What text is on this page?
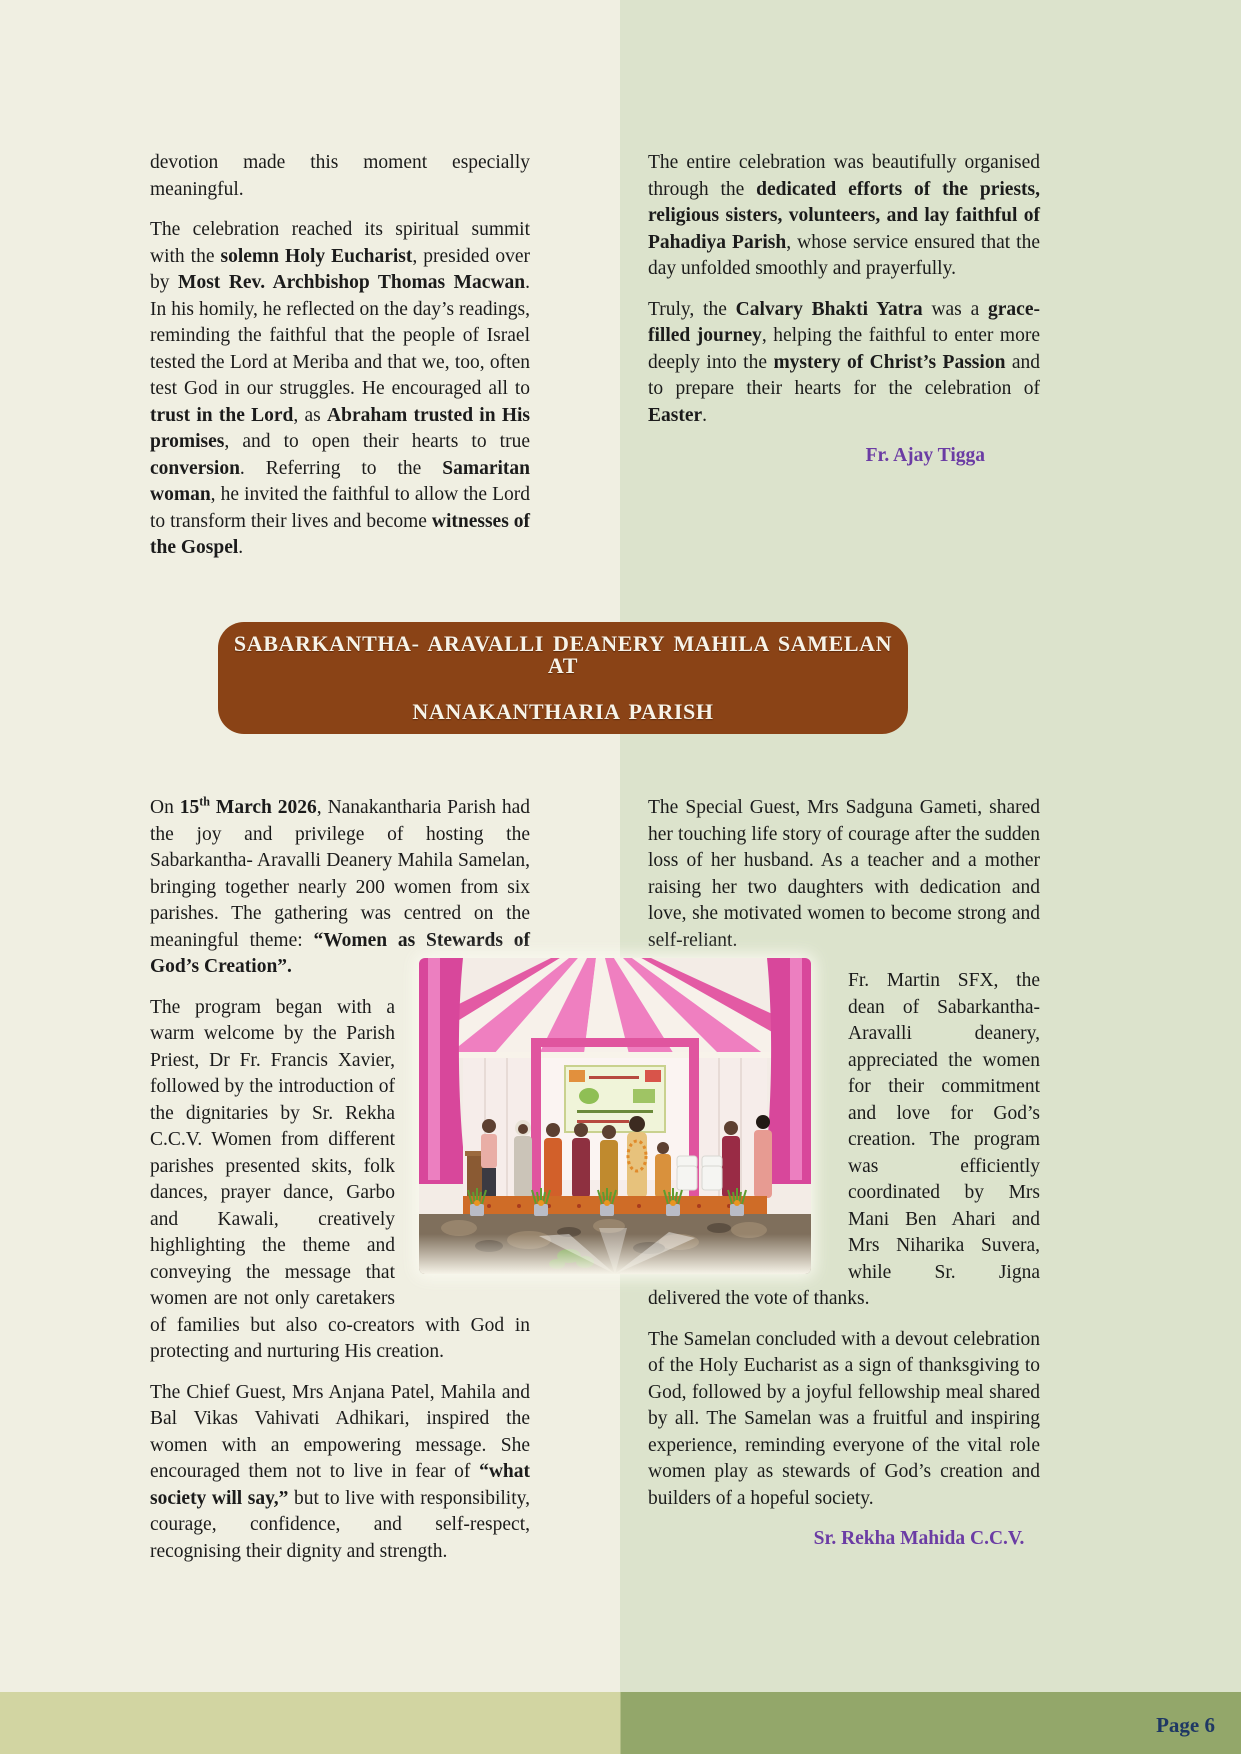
devotion made this moment especially meaningful.

The celebration reached its spiritual summit with the solemn Holy Eucharist, presided over by Most Rev. Archbishop Thomas Macwan. In his homily, he reflected on the day’s readings, reminding the faithful that the people of Israel tested the Lord at Meriba and that we, too, often test God in our struggles. He encouraged all to trust in the Lord, as Abraham trusted in His promises, and to open their hearts to true conversion. Referring to the Samaritan woman, he invited the faithful to allow the Lord to transform their lives and become witnesses of the Gospel.

The entire celebration was beautifully organised through the dedicated efforts of the priests, religious sisters, volunteers, and lay faithful of Pahadiya Parish, whose service ensured that the day unfolded smoothly and prayerfully.

Truly, the Calvary Bhakti Yatra was a grace-filled journey, helping the faithful to enter more deeply into the mystery of Christ’s Passion and to prepare their hearts for the celebration of Easter.

Fr. Ajay Tigga
SABARKANTHA- ARAVALLI DEANERY MAHILA SAMELAN AT
NANAKANTHARIA PARISH

On 15th March 2026, Nanakantharia Parish had the joy and privilege of hosting the Sabarkantha- Aravalli Deanery Mahila Samelan, bringing together nearly 200 women from six parishes. The gathering was centred on the meaningful theme: “Women as Stewards of God’s Creation”.

The program began with a warm welcome by the Parish Priest, Dr Fr. Francis Xavier, followed by the introduction of the dignitaries by Sr. Rekha C.C.V. Women from different parishes presented skits, folk dances, prayer dance, Garbo and Kawali, creatively highlighting the theme and conveying the message that women are not only caretakers of families but also co-creators with God in protecting and nurturing His creation.

The Chief Guest, Mrs Anjana Patel, Mahila and Bal Vikas Vahivati Adhikari, inspired the women with an empowering message. She encouraged them not to live in fear of “what society will say,” but to live with responsibility, courage, confidence, and self-respect, recognising their dignity and strength.

The Special Guest, Mrs Sadguna Gameti, shared her touching life story of courage after the sudden loss of her husband. As a teacher and a mother raising her two daughters with dedication and love, she motivated women to become strong and self-reliant.

Fr. Martin SFX, the dean of Sabarkantha- Aravalli deanery, appreciated the women for their commitment and love for God’s creation. The program was efficiently coordinated by Mrs Mani Ben Ahari and Mrs Niharika Suvera, while Sr. Jigna delivered the vote of thanks.

The Samelan concluded with a devout celebration of the Holy Eucharist as a sign of thanksgiving to God, followed by a joyful fellowship meal shared by all. The Samelan was a fruitful and inspiring experience, reminding everyone of the vital role women play as stewards of God’s creation and builders of a hopeful society.

Sr. Rekha Mahida C.C.V.
Page 6
